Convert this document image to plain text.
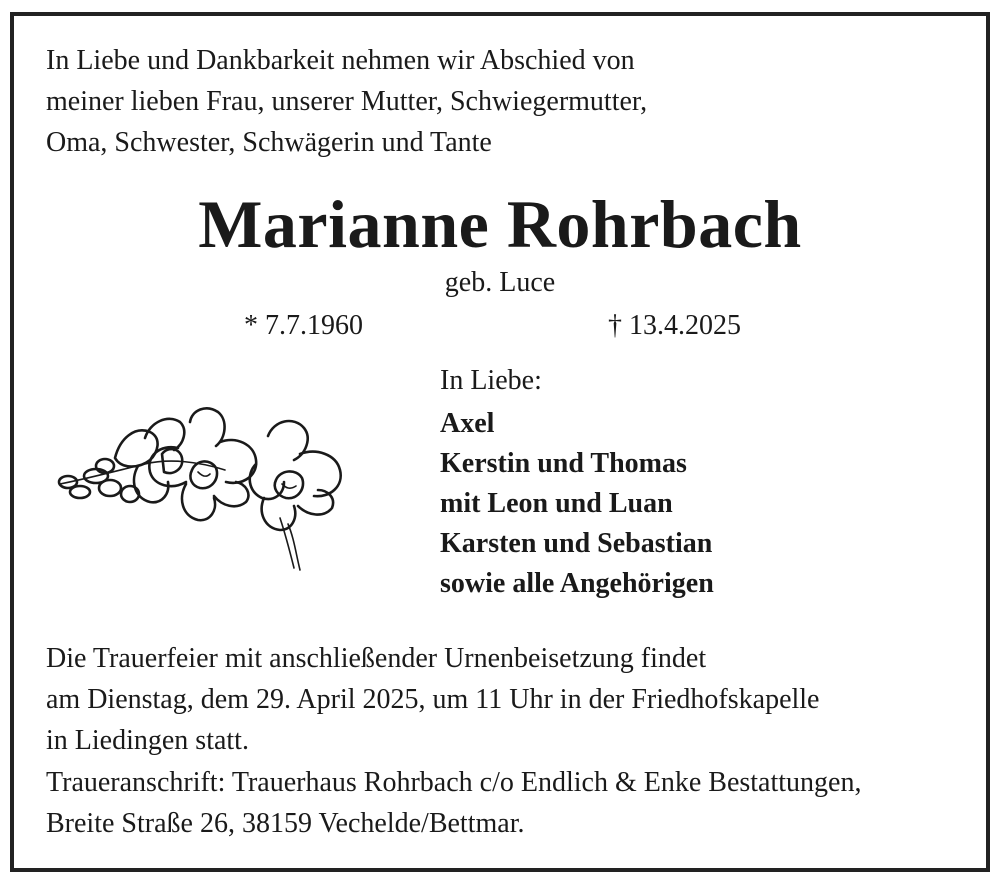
In Liebe und Dankbarkeit nehmen wir Abschied von
meiner lieben Frau, unserer Mutter, Schwiegermutter,
Oma, Schwester, Schwägerin und Tante

Marianne Rohrbach

geb. Luce

* 7.7.1960	† 13.4.2025

In Liebe:

Axel
Kerstin und Thomas
mit Leon und Luan
Karsten und Sebastian
sowie alle Angehörigen

Die Trauerfeier mit anschließender Urnenbeisetzung findet
am Dienstag, dem 29. April 2025, um 11 Uhr in der Friedhofskapelle
in Liedingen statt.

Traueranschrift: Trauerhaus Rohrbach c/o Endlich & Enke Bestattungen,
Breite Straße 26, 38159 Vechelde/Bettmar.
